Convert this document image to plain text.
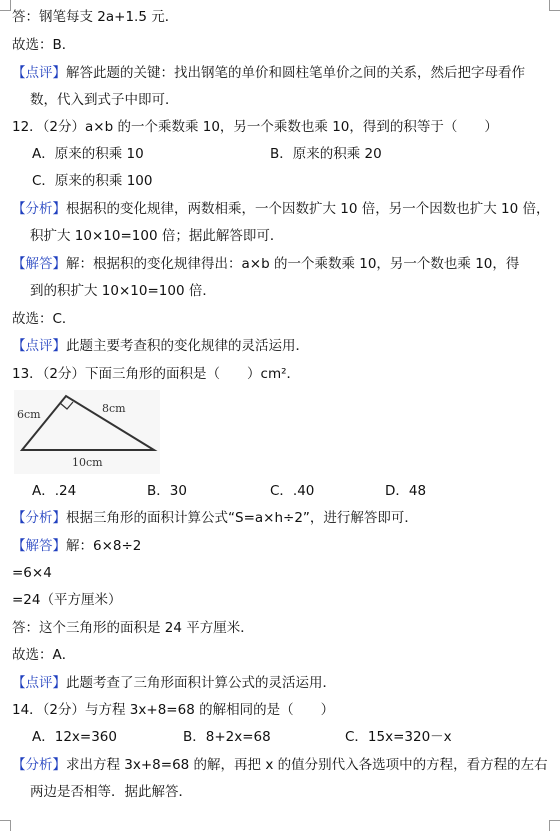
答：钢笔每支 2a+1.5 元．
故选：B．
【点评】解答此题的关键：找出钢笔的单价和圆柱笔单价之间的关系，然后把字母看作
数，代入到式子中即可．
12．（2分）a×b 的一个乘数乘 10，另一个乘数也乘 10，得到的积等于（　　）
A．原来的积乘 10	B．原来的积乘 20
C．原来的积乘 100
【分析】根据积的变化规律，两数相乘，一个因数扩大 10 倍，另一个因数也扩大 10 倍，
积扩大 10×10=100 倍；据此解答即可．
【解答】解：根据积的变化规律得出：a×b 的一个乘数乘 10，另一个数也乘 10，得
到的积扩大 10×10=100 倍．
故选：C．
【点评】此题主要考查积的变化规律的灵活运用．
13．（2分）下面三角形的面积是（　　）cm²．
6cm	8cm
10cm
A．.24	B．30	C．.40	D．48
【分析】根据三角形的面积计算公式“S=a×h÷2”，进行解答即可．
【解答】解：6×8÷2
=6×4
=24（平方厘米）
答：这个三角形的面积是 24 平方厘米．
故选：A．
【点评】此题考查了三角形面积计算公式的灵活运用．
14．（2分）与方程 3x+8=68 的解相同的是（　　）
A．12x=360	B．8+2x=68	C．15x=320－x
【分析】求出方程 3x+8=68 的解，再把 x 的值分别代入各选项中的方程，看方程的左右
两边是否相等．据此解答．
